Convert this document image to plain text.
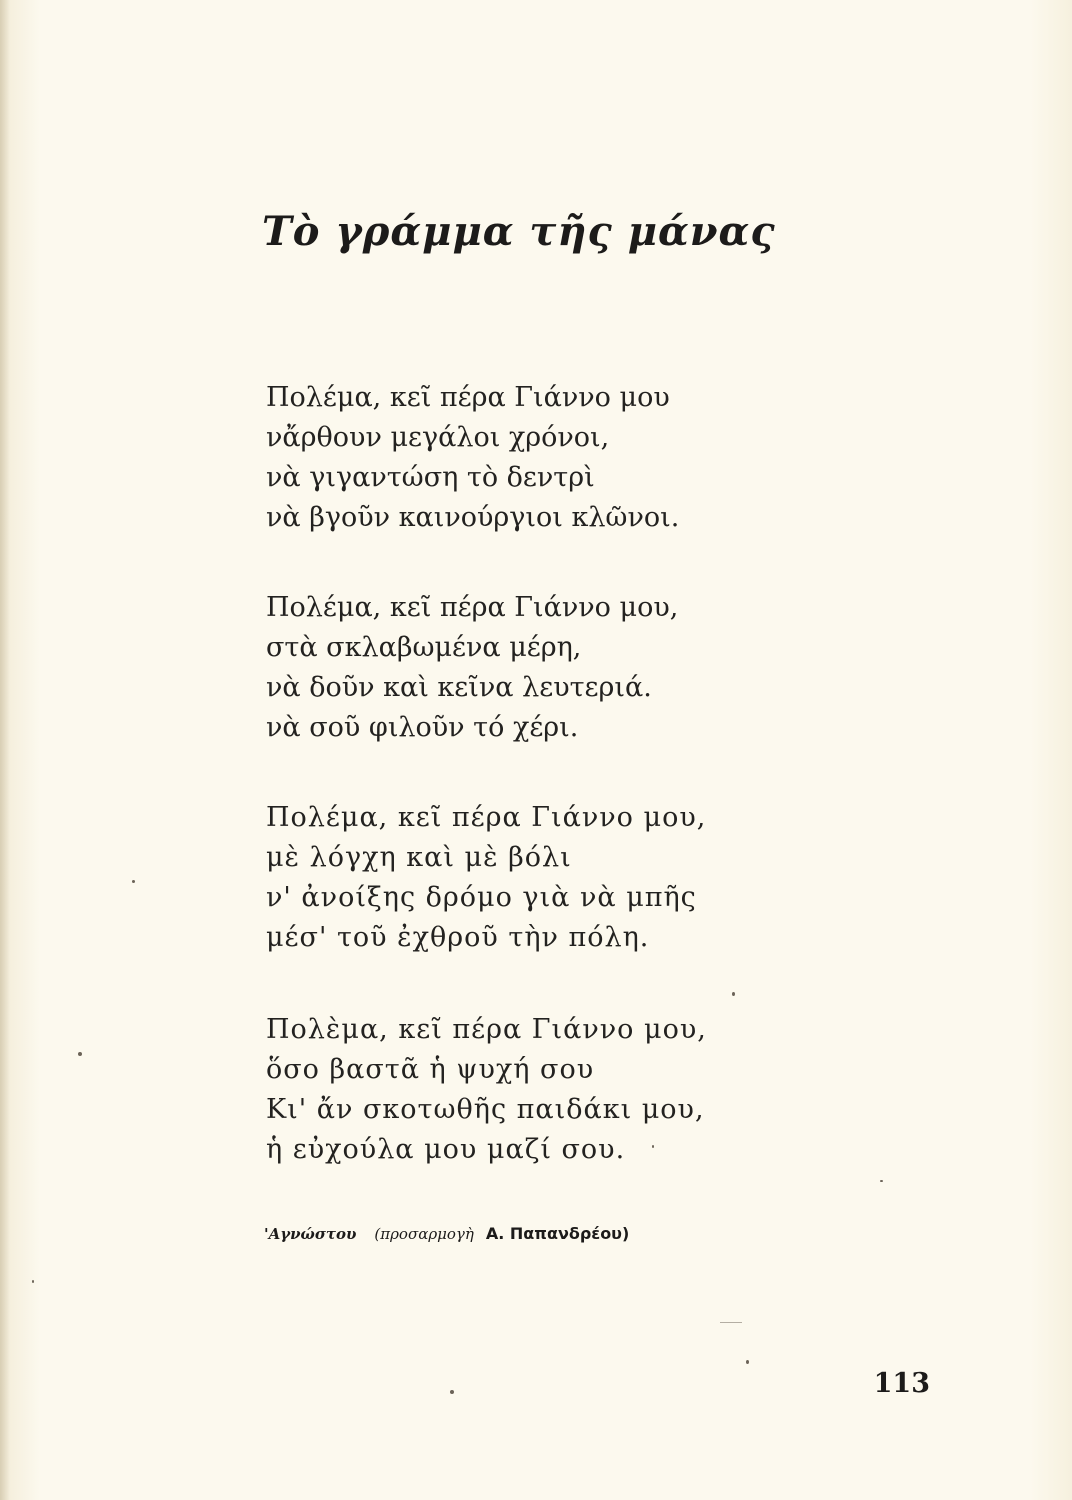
Τὸ γράμμα τῆς μάνας
Πολέμα, κεῖ πέρα Γιάννο μου
νἄρθουν μεγάλοι χρόνοι,
νὰ γιγαντώση τὸ δεντρὶ
νὰ βγοῦν καινούργιοι κλῶνοι.
Πολέμα, κεῖ πέρα Γιάννο μου,
στὰ σκλαβωμένα μέρη,
νὰ δοῦν καὶ κεῖνα λευτεριά.
νὰ σοῦ φιλοῦν τό χέρι.
Πολέμα, κεῖ πέρα Γιάννο μου,
μὲ λόγχη καὶ μὲ βόλι
ν' ἀνοίξης δρόμο γιὰ νὰ μπῆς
μέσ' τοῦ ἐχθροῦ τὴν πόλη.
Πολὲμα, κεῖ πέρα Γιάννο μου,
ὅσο βαστᾶ ἡ ψυχή σου
Κι' ἄν σκοτωθῆς παιδάκι μου,
ἡ εὐχούλα μου μαζί σου.
'Αγνώστου (προσαρμογὴ Α. Παπανδρέου)
113
